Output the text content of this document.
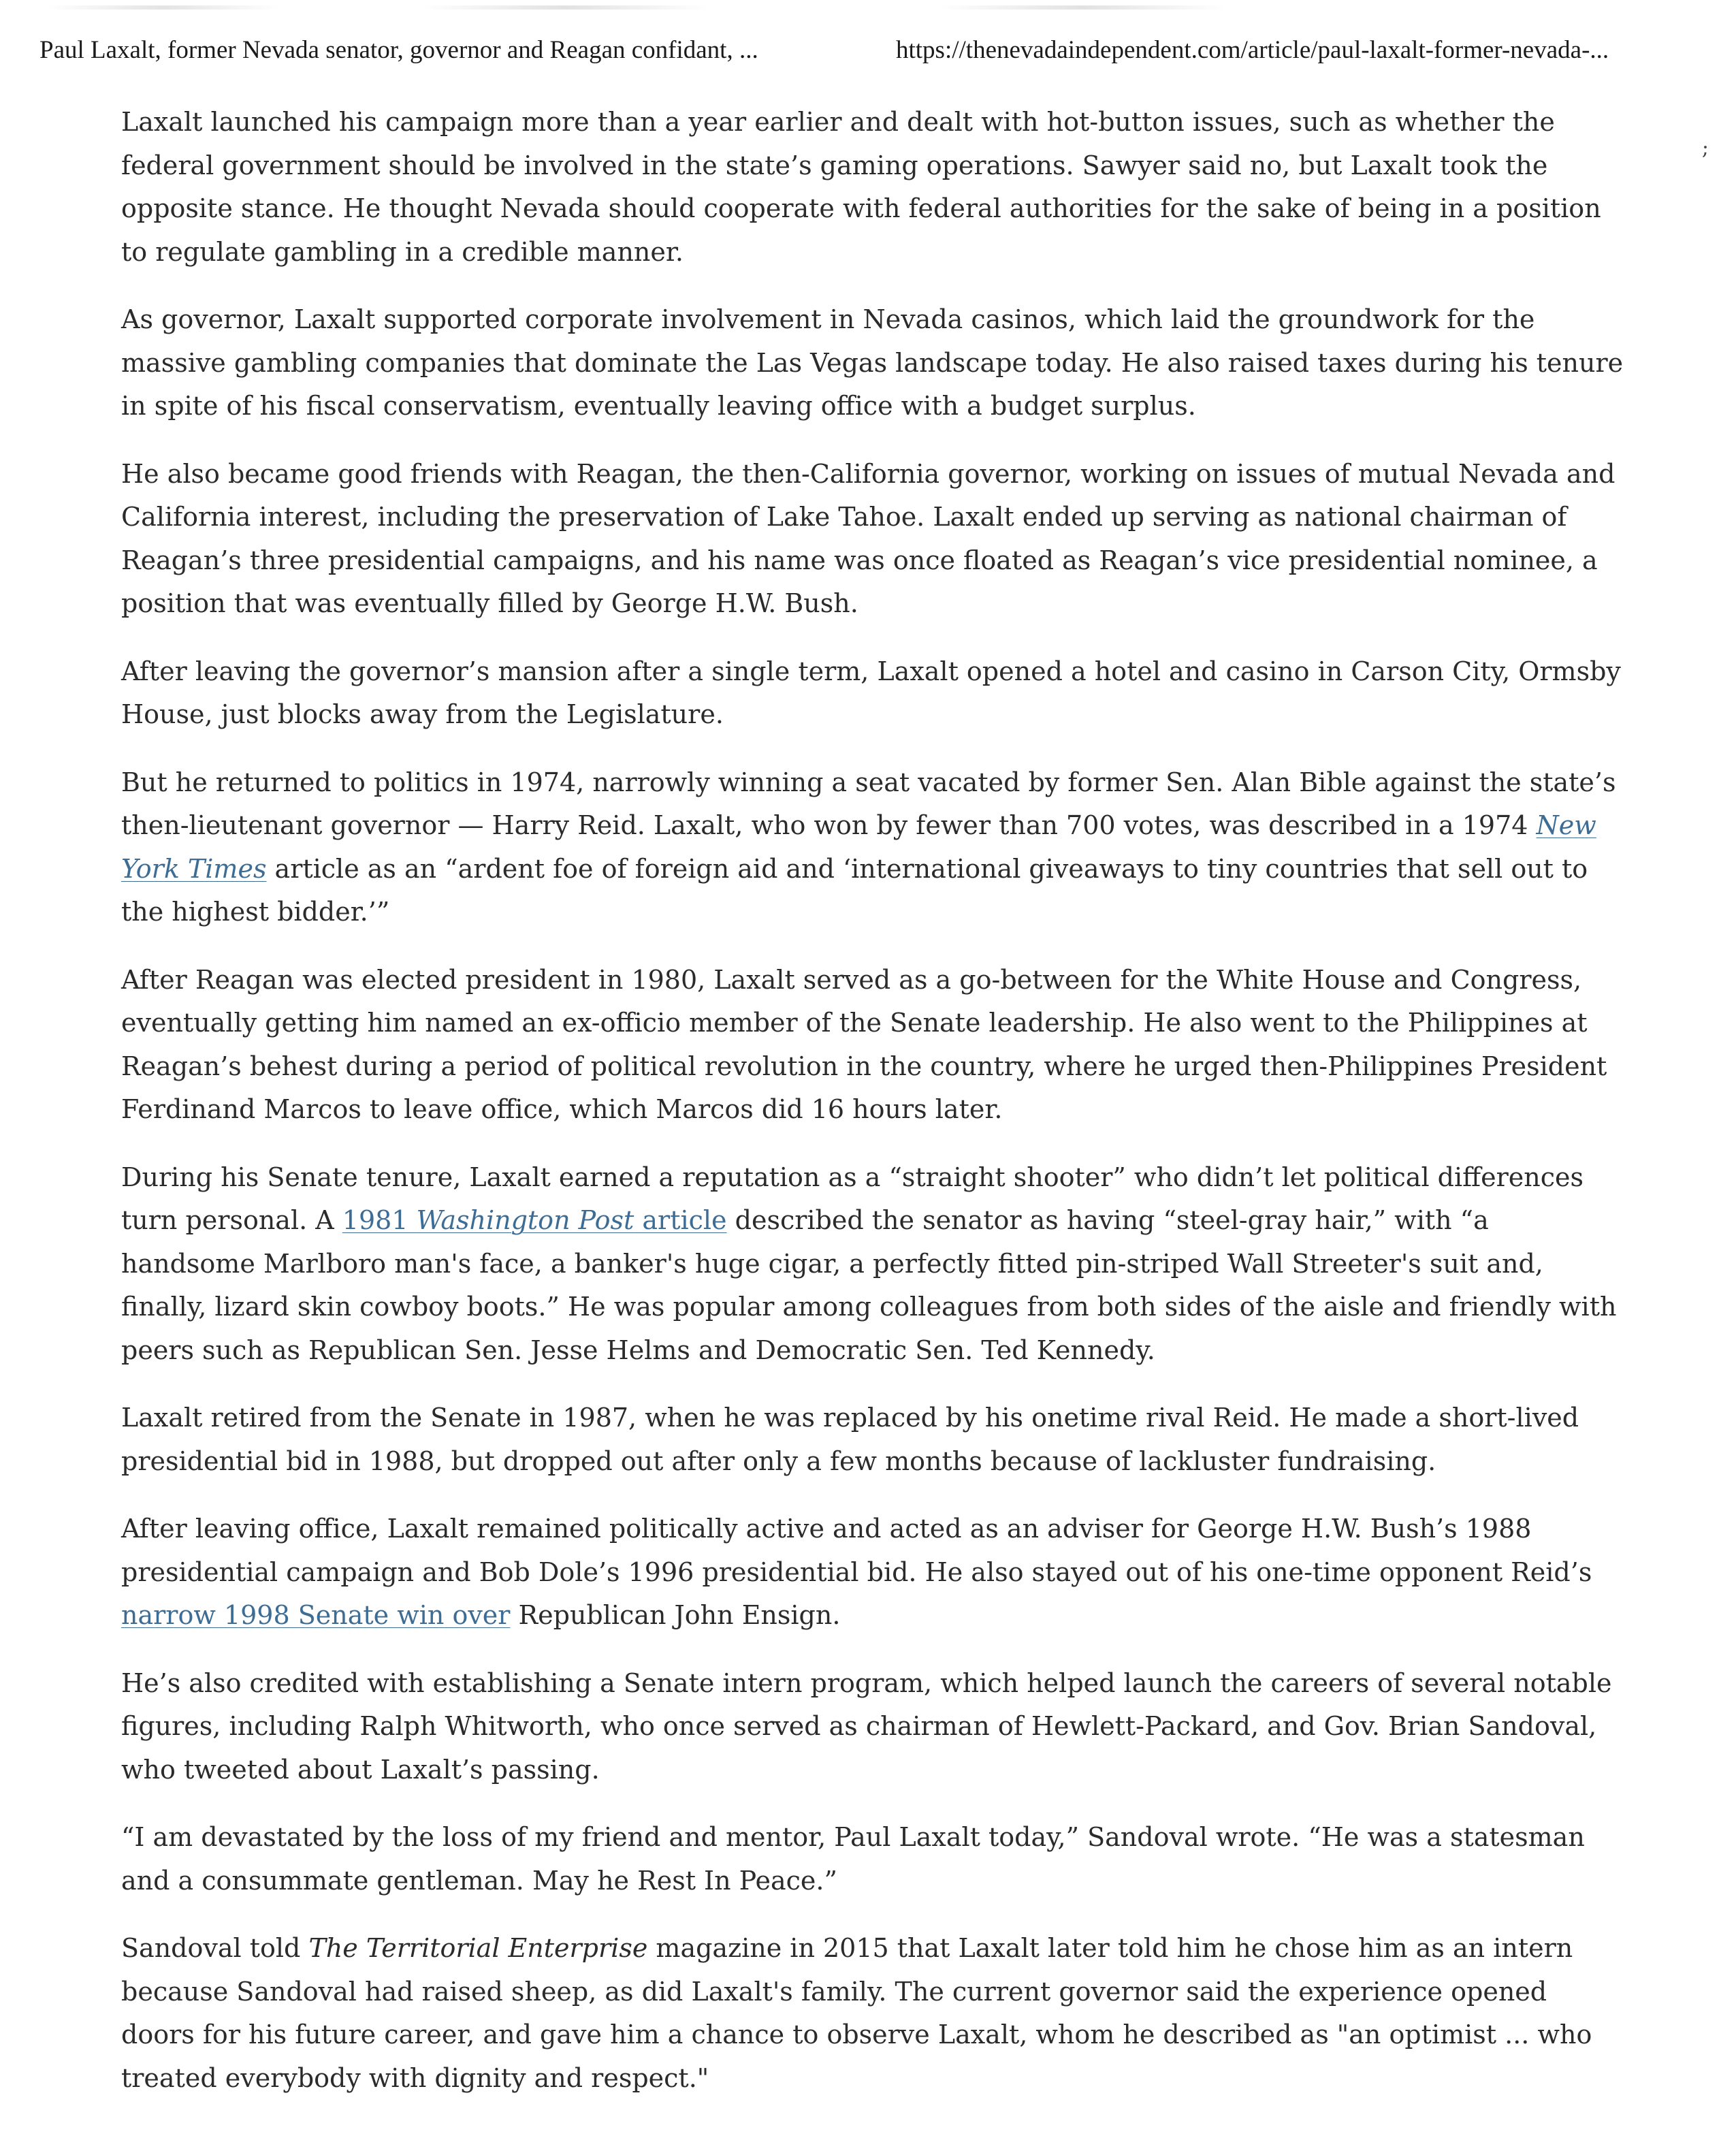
Paul Laxalt, former Nevada senator, governor and Reagan confidant, ...	https://thenevadaindependent.com/article/paul-laxalt-former-nevada-...
;

Laxalt launched his campaign more than a year earlier and dealt with hot-button issues, such as whether the federal government should be involved in the state’s gaming operations. Sawyer said no, but Laxalt took the opposite stance. He thought Nevada should cooperate with federal authorities for the sake of being in a position to regulate gambling in a credible manner.

As governor, Laxalt supported corporate involvement in Nevada casinos, which laid the groundwork for the massive gambling companies that dominate the Las Vegas landscape today. He also raised taxes during his tenure in spite of his fiscal conservatism, eventually leaving office with a budget surplus.

He also became good friends with Reagan, the then-California governor, working on issues of mutual Nevada and California interest, including the preservation of Lake Tahoe. Laxalt ended up serving as national chairman of Reagan’s three presidential campaigns, and his name was once floated as Reagan’s vice presidential nominee, a position that was eventually filled by George H.W. Bush.

After leaving the governor’s mansion after a single term, Laxalt opened a hotel and casino in Carson City, Ormsby House, just blocks away from the Legislature.

But he returned to politics in 1974, narrowly winning a seat vacated by former Sen. Alan Bible against the state’s then-lieutenant governor — Harry Reid. Laxalt, who won by fewer than 700 votes, was described in a 1974 New York Times article as an “ardent foe of foreign aid and ‘international giveaways to tiny countries that sell out to the highest bidder.’”

After Reagan was elected president in 1980, Laxalt served as a go-between for the White House and Congress, eventually getting him named an ex-officio member of the Senate leadership. He also went to the Philippines at Reagan’s behest during a period of political revolution in the country, where he urged then-Philippines President Ferdinand Marcos to leave office, which Marcos did 16 hours later.

During his Senate tenure, Laxalt earned a reputation as a “straight shooter” who didn’t let political differences turn personal. A 1981 Washington Post article described the senator as having “steel-gray hair,” with “a handsome Marlboro man's face, a banker's huge cigar, a perfectly fitted pin-striped Wall Streeter's suit and, finally, lizard skin cowboy boots.” He was popular among colleagues from both sides of the aisle and friendly with peers such as Republican Sen. Jesse Helms and Democratic Sen. Ted Kennedy.

Laxalt retired from the Senate in 1987, when he was replaced by his onetime rival Reid. He made a short-lived presidential bid in 1988, but dropped out after only a few months because of lackluster fundraising.

After leaving office, Laxalt remained politically active and acted as an adviser for George H.W. Bush’s 1988 presidential campaign and Bob Dole’s 1996 presidential bid. He also stayed out of his one-time opponent Reid’s narrow 1998 Senate win over Republican John Ensign.

He’s also credited with establishing a Senate intern program, which helped launch the careers of several notable figures, including Ralph Whitworth, who once served as chairman of Hewlett-Packard, and Gov. Brian Sandoval, who tweeted about Laxalt’s passing.

“I am devastated by the loss of my friend and mentor, Paul Laxalt today,” Sandoval wrote. “He was a statesman and a consummate gentleman. May he Rest In Peace.”

Sandoval told The Territorial Enterprise magazine in 2015 that Laxalt later told him he chose him as an intern because Sandoval had raised sheep, as did Laxalt's family. The current governor said the experience opened doors for his future career, and gave him a chance to observe Laxalt, whom he described as "an optimist ... who treated everybody with dignity and respect."
